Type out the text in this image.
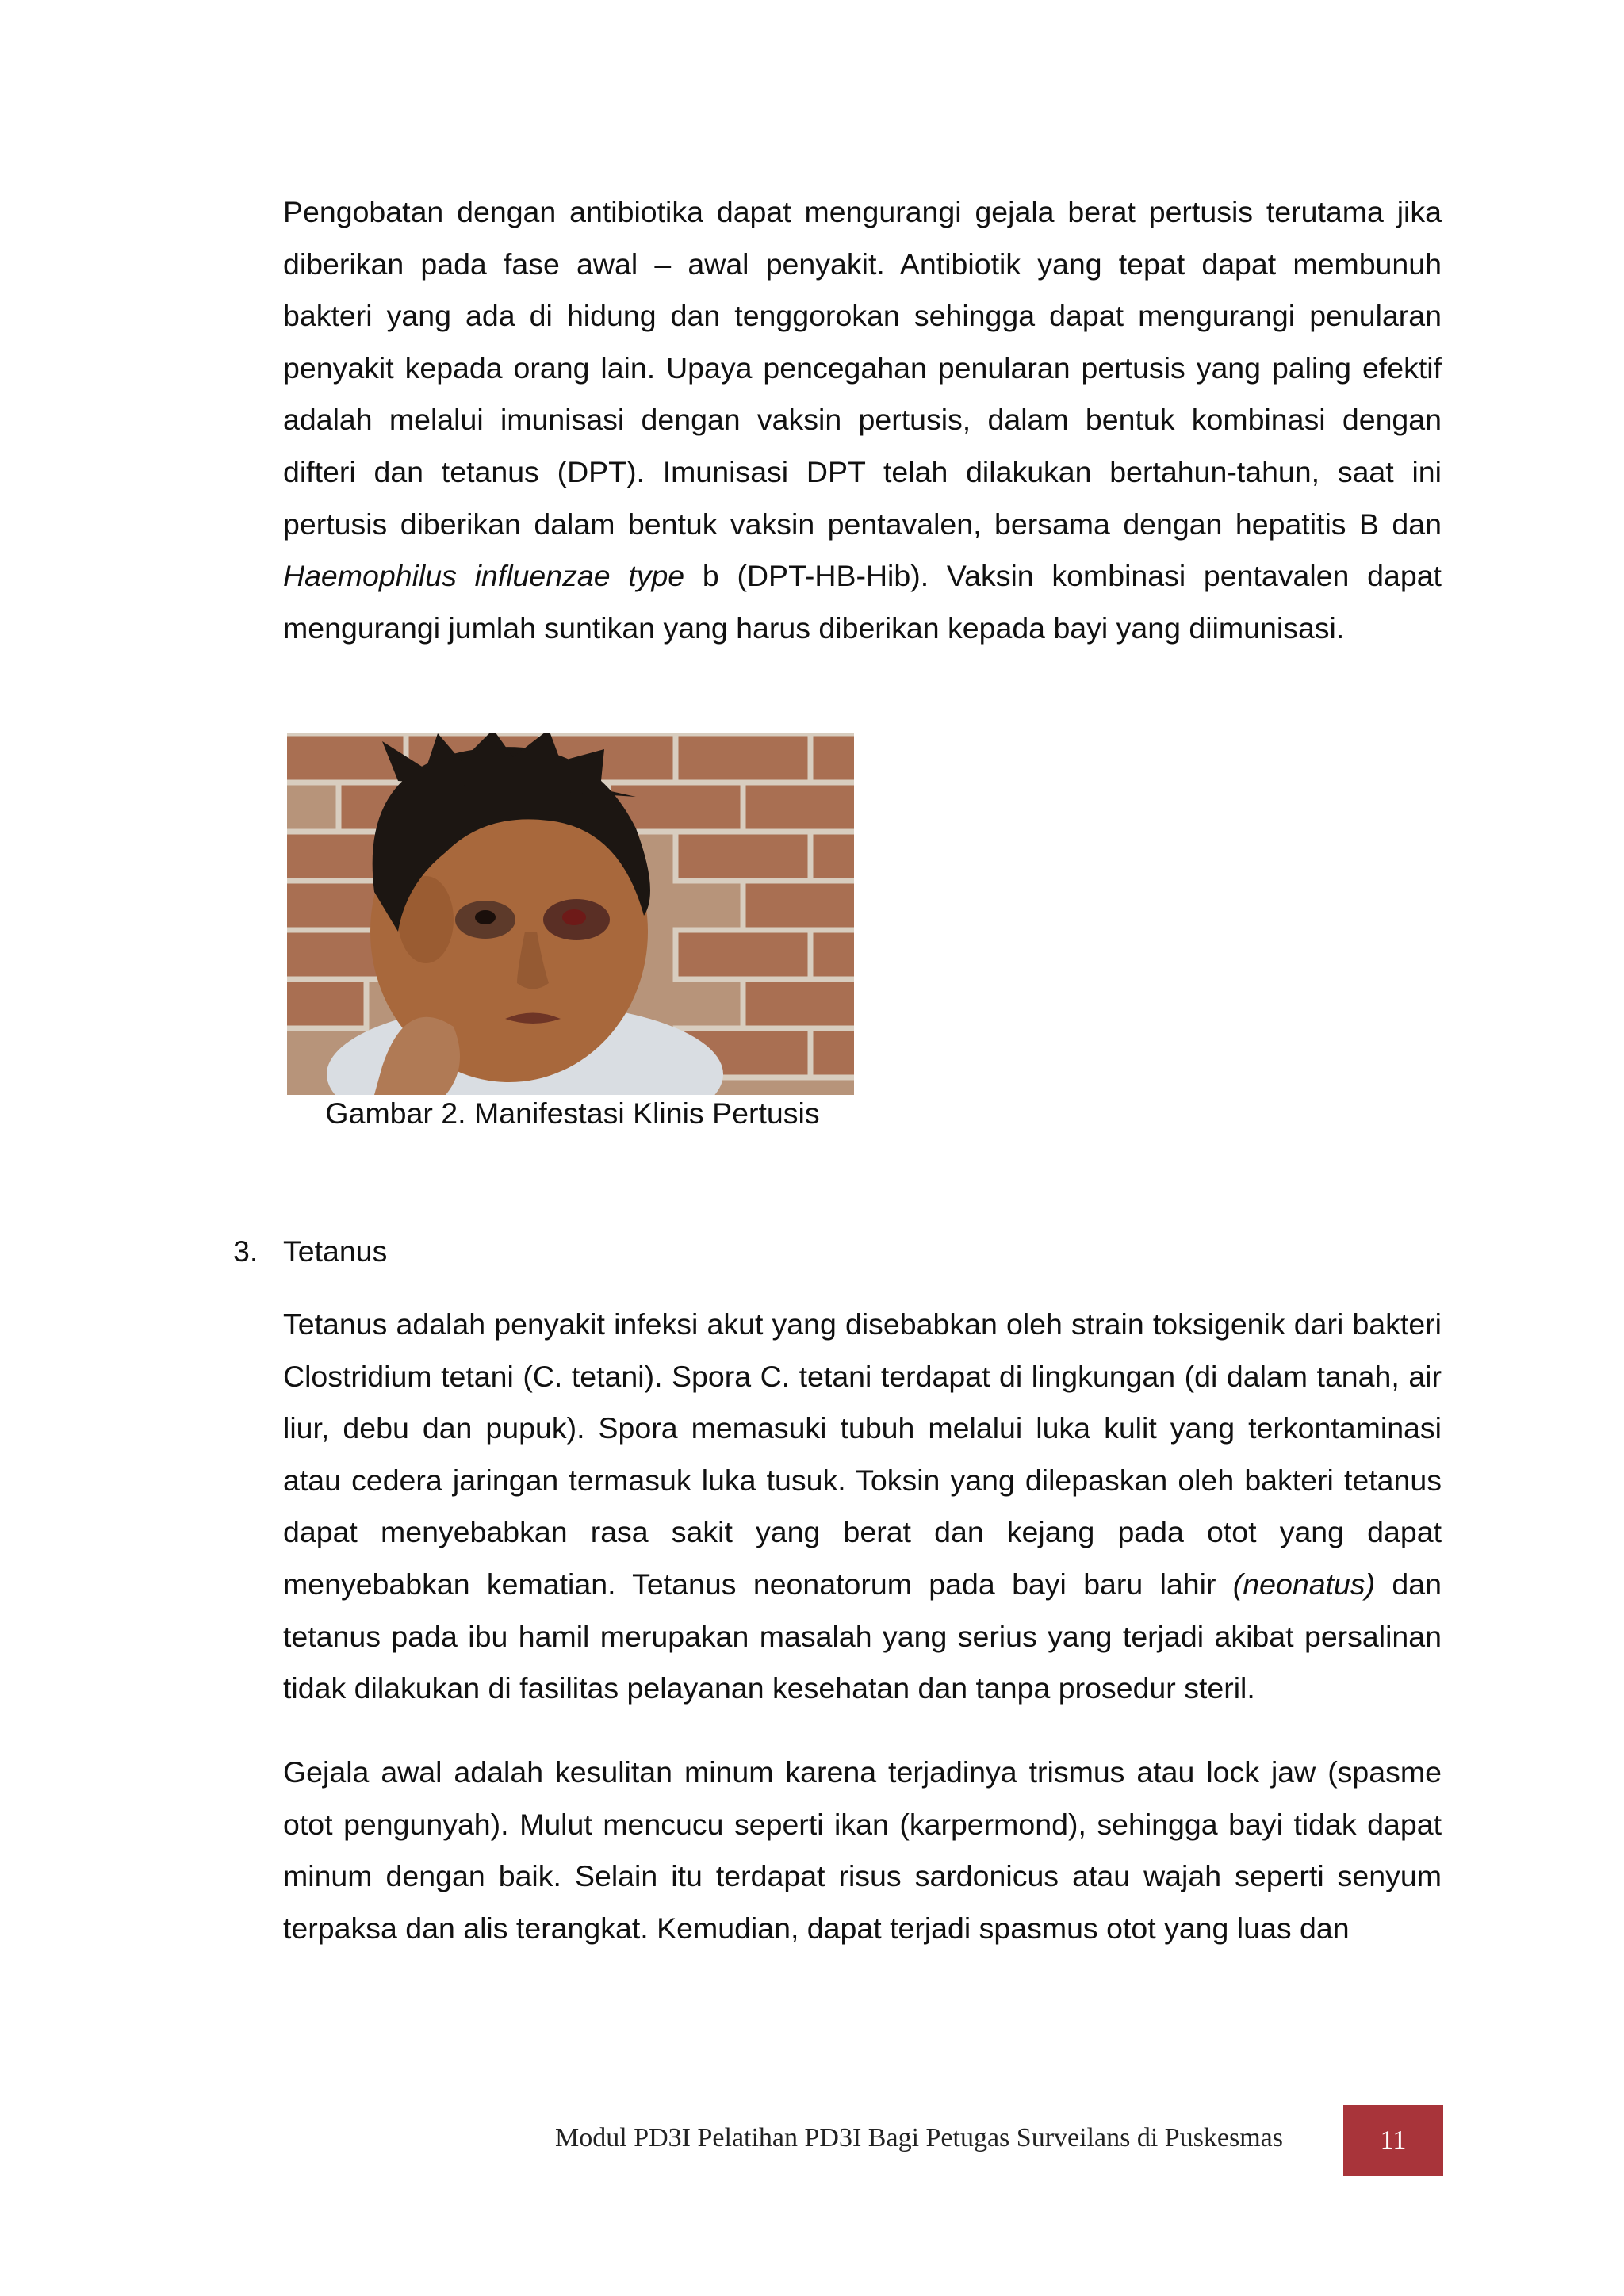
Pengobatan dengan antibiotika dapat mengurangi gejala berat pertusis terutama jika diberikan pada fase awal – awal penyakit. Antibiotik yang tepat dapat membunuh bakteri yang ada di hidung dan tenggorokan sehingga dapat mengurangi penularan penyakit kepada orang lain. Upaya pencegahan penularan pertusis yang paling efektif adalah melalui imunisasi dengan vaksin pertusis, dalam bentuk kombinasi dengan difteri dan tetanus (DPT). Imunisasi DPT telah dilakukan bertahun-tahun, saat ini pertusis diberikan dalam bentuk vaksin pentavalen, bersama dengan hepatitis B dan Haemophilus influenzae type b (DPT-HB-Hib). Vaksin kombinasi pentavalen dapat mengurangi jumlah suntikan yang harus diberikan kepada bayi yang diimunisasi.

Gambar 2. Manifestasi Klinis Pertusis

3. Tetanus

Tetanus adalah penyakit infeksi akut yang disebabkan oleh strain toksigenik dari bakteri Clostridium tetani (C. tetani). Spora C. tetani terdapat di lingkungan (di dalam tanah, air liur, debu dan pupuk). Spora memasuki tubuh melalui luka kulit yang terkontaminasi atau cedera jaringan termasuk luka tusuk. Toksin yang dilepaskan oleh bakteri tetanus dapat menyebabkan rasa sakit yang berat dan kejang pada otot yang dapat menyebabkan kematian. Tetanus neonatorum pada bayi baru lahir (neonatus) dan tetanus pada ibu hamil merupakan masalah yang serius yang terjadi akibat persalinan tidak dilakukan di fasilitas pelayanan kesehatan dan tanpa prosedur steril.

Gejala awal adalah kesulitan minum karena terjadinya trismus atau lock jaw (spasme otot pengunyah). Mulut mencucu seperti ikan (karpermond), sehingga bayi tidak dapat minum dengan baik. Selain itu terdapat risus sardonicus atau wajah seperti senyum terpaksa dan alis terangkat. Kemudian, dapat terjadi spasmus otot yang luas dan

Modul PD3I Pelatihan PD3I Bagi Petugas Surveilans di Puskesmas	11
